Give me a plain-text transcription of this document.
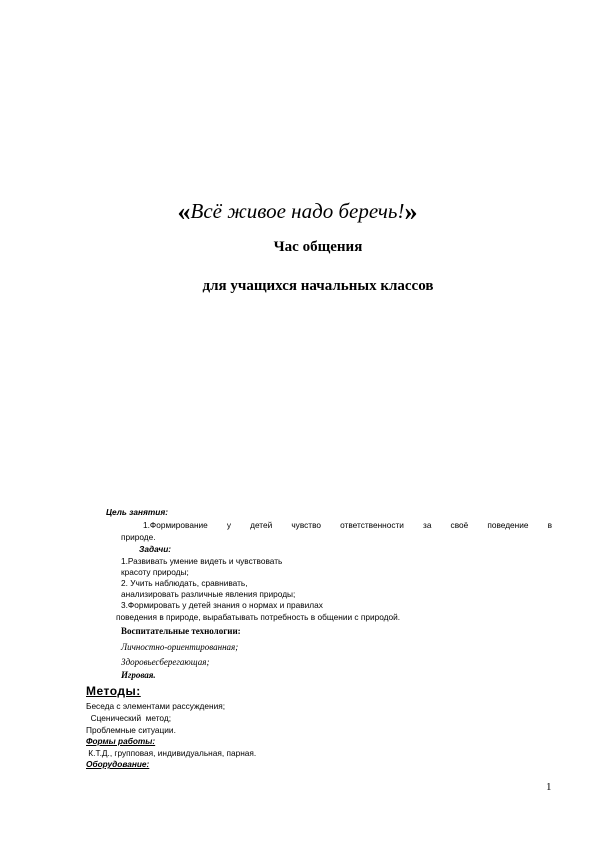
«Всё живое надо беречь!»
Час общения
для учащихся начальных классов
Цель занятия:
1.Формирование у детей чувство ответственности за своё поведение в
природе.
Задачи:
1.Развивать умение видеть и чувствовать
красоту природы;
2. Учить наблюдать, сравнивать,
анализировать различные явления природы;
3.Формировать у детей знания о нормах и правилах
поведения в природе, вырабатывать потребность в общении с природой.
Воспитательные технологии:
Личностно-ориентированная;
Здоровьесберегающая;
Игровая.
Методы:
Беседа с элементами рассуждения;
Сценический  метод;
Проблемные ситуации.
Формы работы:
К.Т.Д., групповая, индивидуальная, парная.
Оборудование:
1
